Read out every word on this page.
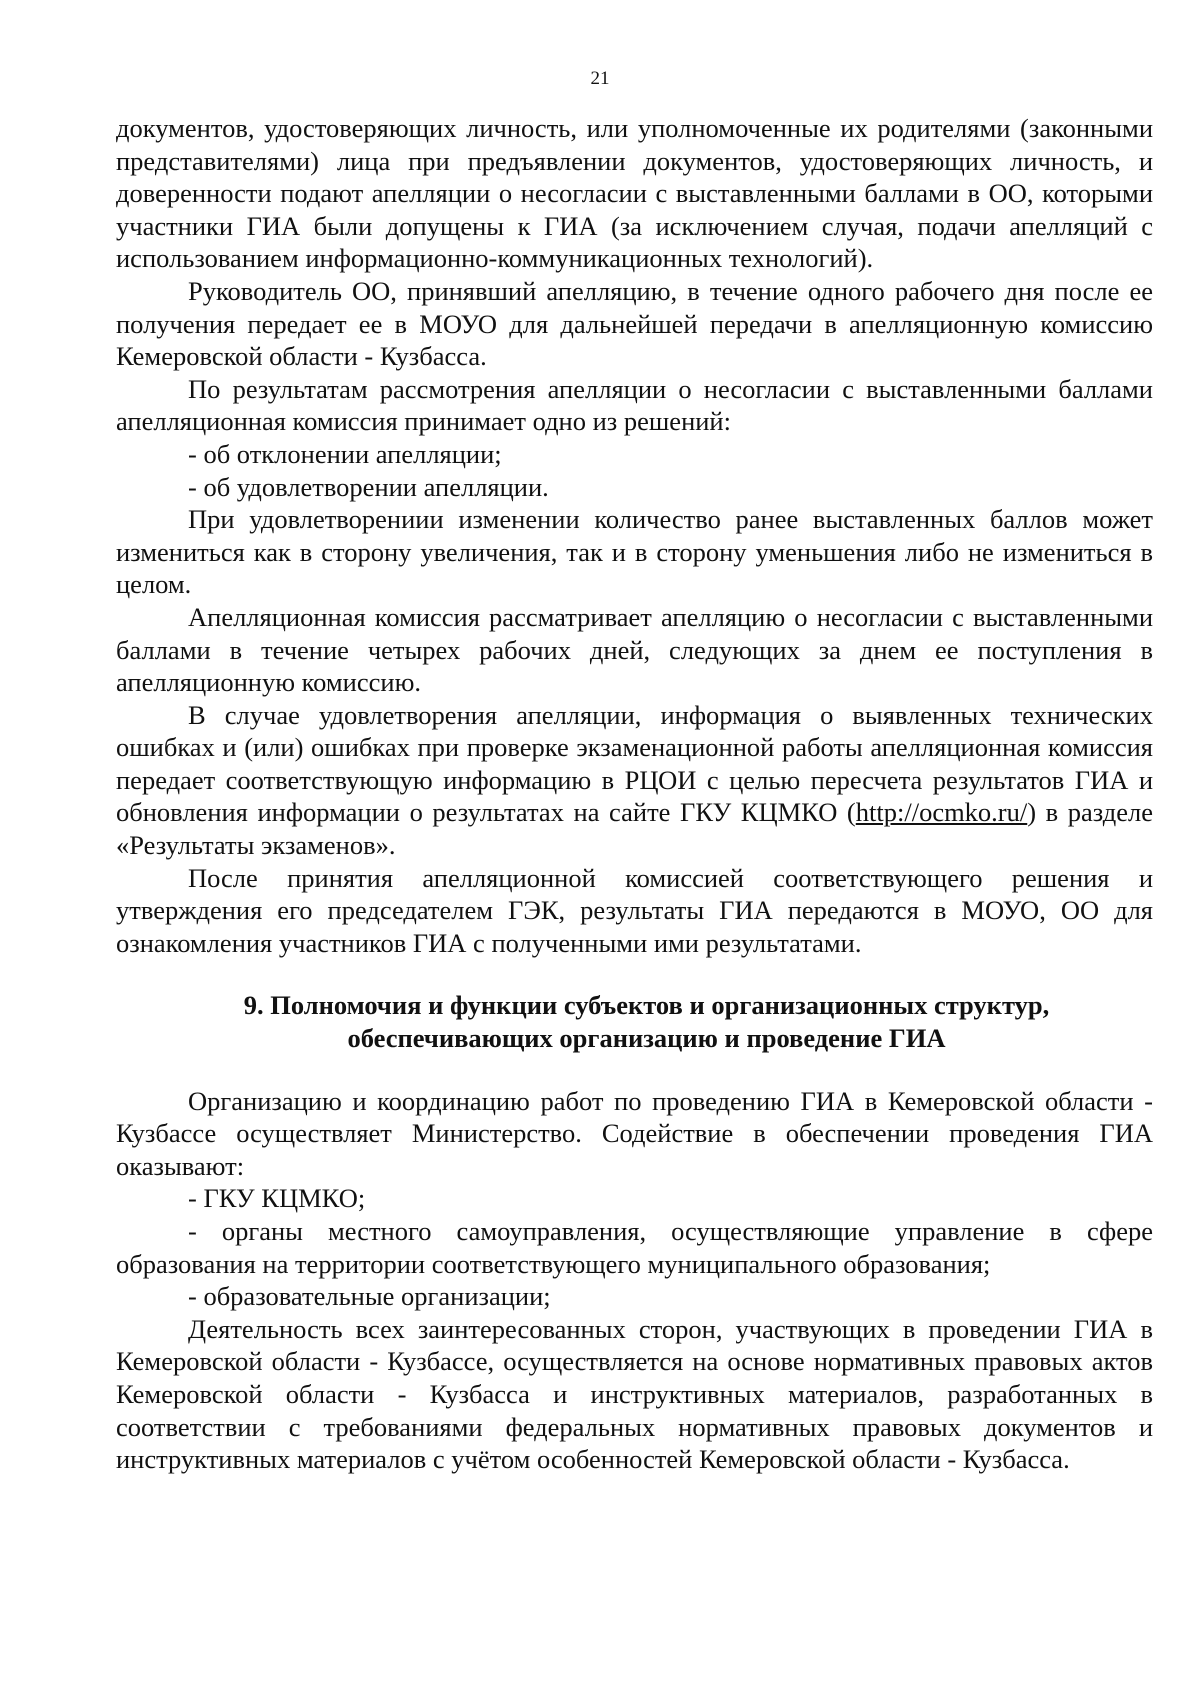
21

документов, удостоверяющих личность, или уполномоченные их родителями (законными представителями) лица при предъявлении документов, удостоверяющих личность, и доверенности подают апелляции о несогласии с выставленными баллами в ОО, которыми участники ГИА были допущены к ГИА (за исключением случая, подачи апелляций с использованием информационно-коммуникационных технологий).

Руководитель ОО, принявший апелляцию, в течение одного рабочего дня после ее получения передает ее в МОУО для дальнейшей передачи в апелляционную комиссию Кемеровской области - Кузбасса.

По результатам рассмотрения апелляции о несогласии с выставленными баллами апелляционная комиссия принимает одно из решений:

- об отклонении апелляции;

- об удовлетворении апелляции.

При удовлетворениии изменении количество ранее выставленных баллов может измениться как в сторону увеличения, так и в сторону уменьшения либо не измениться в целом.

Апелляционная комиссия рассматривает апелляцию о несогласии с выставленными баллами в течение четырех рабочих дней, следующих за днем ее поступления в апелляционную комиссию.

В случае удовлетворения апелляции, информация о выявленных технических ошибках и (или) ошибках при проверке экзаменационной работы апелляционная комиссия передает соответствующую информацию в РЦОИ с целью пересчета результатов ГИА и обновления информации о результатах на сайте ГКУ КЦМКО (http://ocmko.ru/) в разделе «Результаты экзаменов».

После принятия апелляционной комиссией соответствующего решения и утверждения его председателем ГЭК, результаты ГИА передаются в МОУО, ОО для ознакомления участников ГИА с полученными ими результатами.

9. Полномочия и функции субъектов и организационных структур,
обеспечивающих организацию и проведение ГИА

Организацию и координацию работ по проведению ГИА в Кемеровской области - Кузбассе осуществляет Министерство. Содействие в обеспечении проведения ГИА оказывают:

- ГКУ КЦМКО;

- органы местного самоуправления, осуществляющие управление в сфере образования на территории соответствующего муниципального образования;

- образовательные организации;

Деятельность всех заинтересованных сторон, участвующих в проведении ГИА в Кемеровской области - Кузбассе, осуществляется на основе нормативных правовых актов Кемеровской области - Кузбасса и инструктивных материалов, разработанных в соответствии с требованиями федеральных нормативных правовых документов и инструктивных материалов с учётом особенностей Кемеровской области - Кузбасса.
